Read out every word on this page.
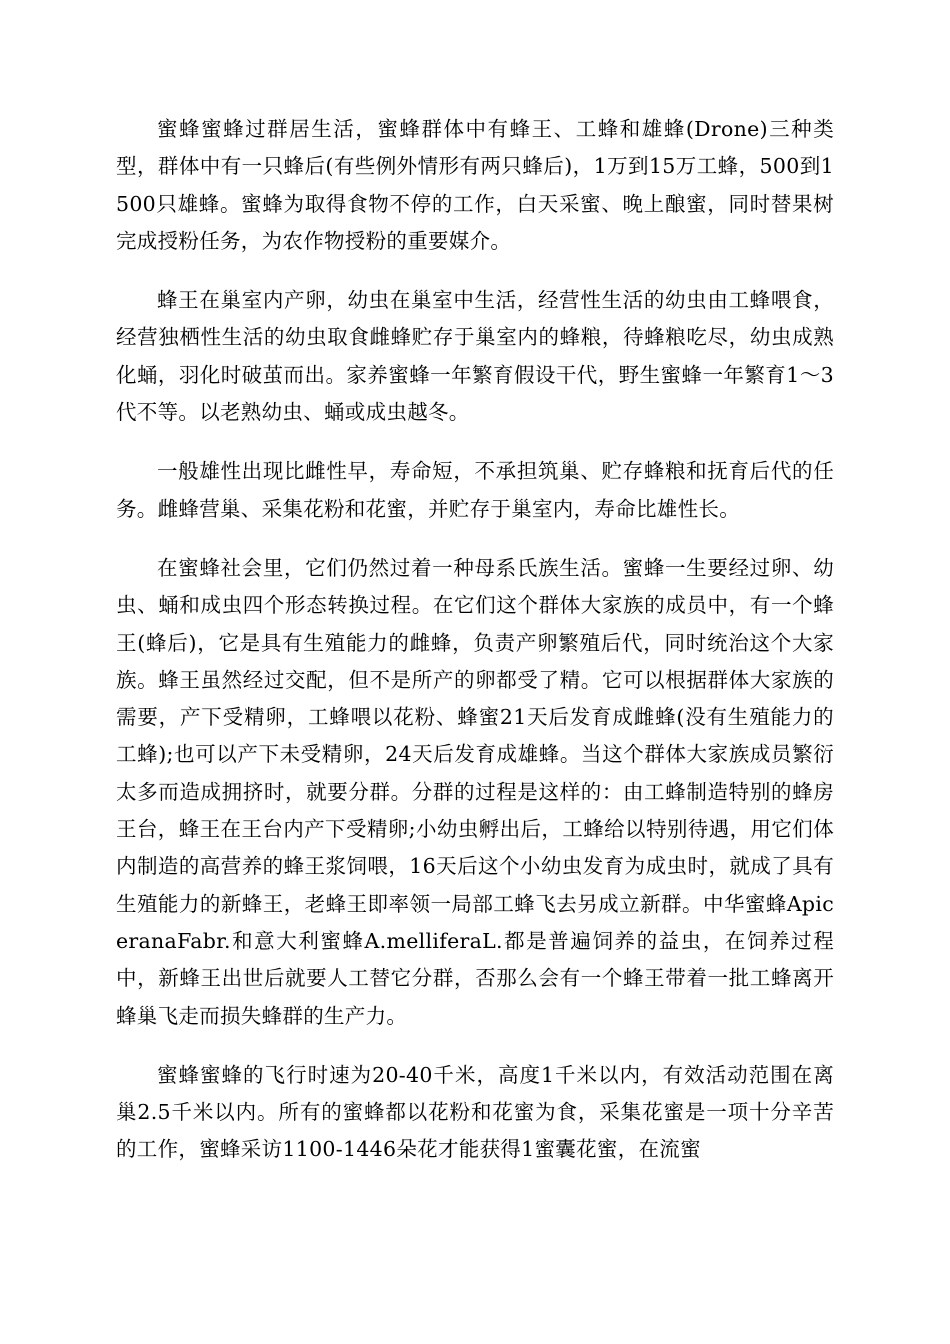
蜜蜂蜜蜂过群居生活，蜜蜂群体中有蜂王、工蜂和雄蜂(Drone)三种类型，群体中有一只蜂后(有些例外情形有两只蜂后)，1万到15万工蜂，500到1500只雄蜂。蜜蜂为取得食物不停的工作，白天采蜜、晚上酿蜜，同时替果树完成授粉任务，为农作物授粉的重要媒介。

蜂王在巢室内产卵，幼虫在巢室中生活，经营性生活的幼虫由工蜂喂食，经营独栖性生活的幼虫取食雌蜂贮存于巢室内的蜂粮，待蜂粮吃尽，幼虫成熟化蛹，羽化时破茧而出。家养蜜蜂一年繁育假设干代，野生蜜蜂一年繁育1～3代不等。以老熟幼虫、蛹或成虫越冬。

一般雄性出现比雌性早，寿命短，不承担筑巢、贮存蜂粮和抚育后代的任务。雌蜂营巢、采集花粉和花蜜，并贮存于巢室内，寿命比雄性长。

在蜜蜂社会里，它们仍然过着一种母系氏族生活。蜜蜂一生要经过卵、幼虫、蛹和成虫四个形态转换过程。在它们这个群体大家族的成员中，有一个蜂王(蜂后)，它是具有生殖能力的雌蜂，负责产卵繁殖后代，同时统治这个大家族。蜂王虽然经过交配，但不是所产的卵都受了精。它可以根据群体大家族的需要，产下受精卵，工蜂喂以花粉、蜂蜜21天后发育成雌蜂(没有生殖能力的工蜂);也可以产下未受精卵，24天后发育成雄蜂。当这个群体大家族成员繁衍太多而造成拥挤时，就要分群。分群的过程是这样的：由工蜂制造特别的蜂房王台，蜂王在王台内产下受精卵;小幼虫孵出后，工蜂给以特别待遇，用它们体内制造的高营养的蜂王浆饲喂，16天后这个小幼虫发育为成虫时，就成了具有生殖能力的新蜂王，老蜂王即率领一局部工蜂飞去另成立新群。中华蜜蜂ApiceranaFabr.和意大利蜜蜂A.melliferaL.都是普遍饲养的益虫，在饲养过程中，新蜂王出世后就要人工替它分群，否那么会有一个蜂王带着一批工蜂离开蜂巢飞走而损失蜂群的生产力。

蜜蜂蜜蜂的飞行时速为20-40千米，高度1千米以内，有效活动范围在离巢2.5千米以内。所有的蜜蜂都以花粉和花蜜为食，采集花蜜是一项十分辛苦的工作，蜜蜂采访1100-1446朵花才能获得1蜜囊花蜜，在流蜜
